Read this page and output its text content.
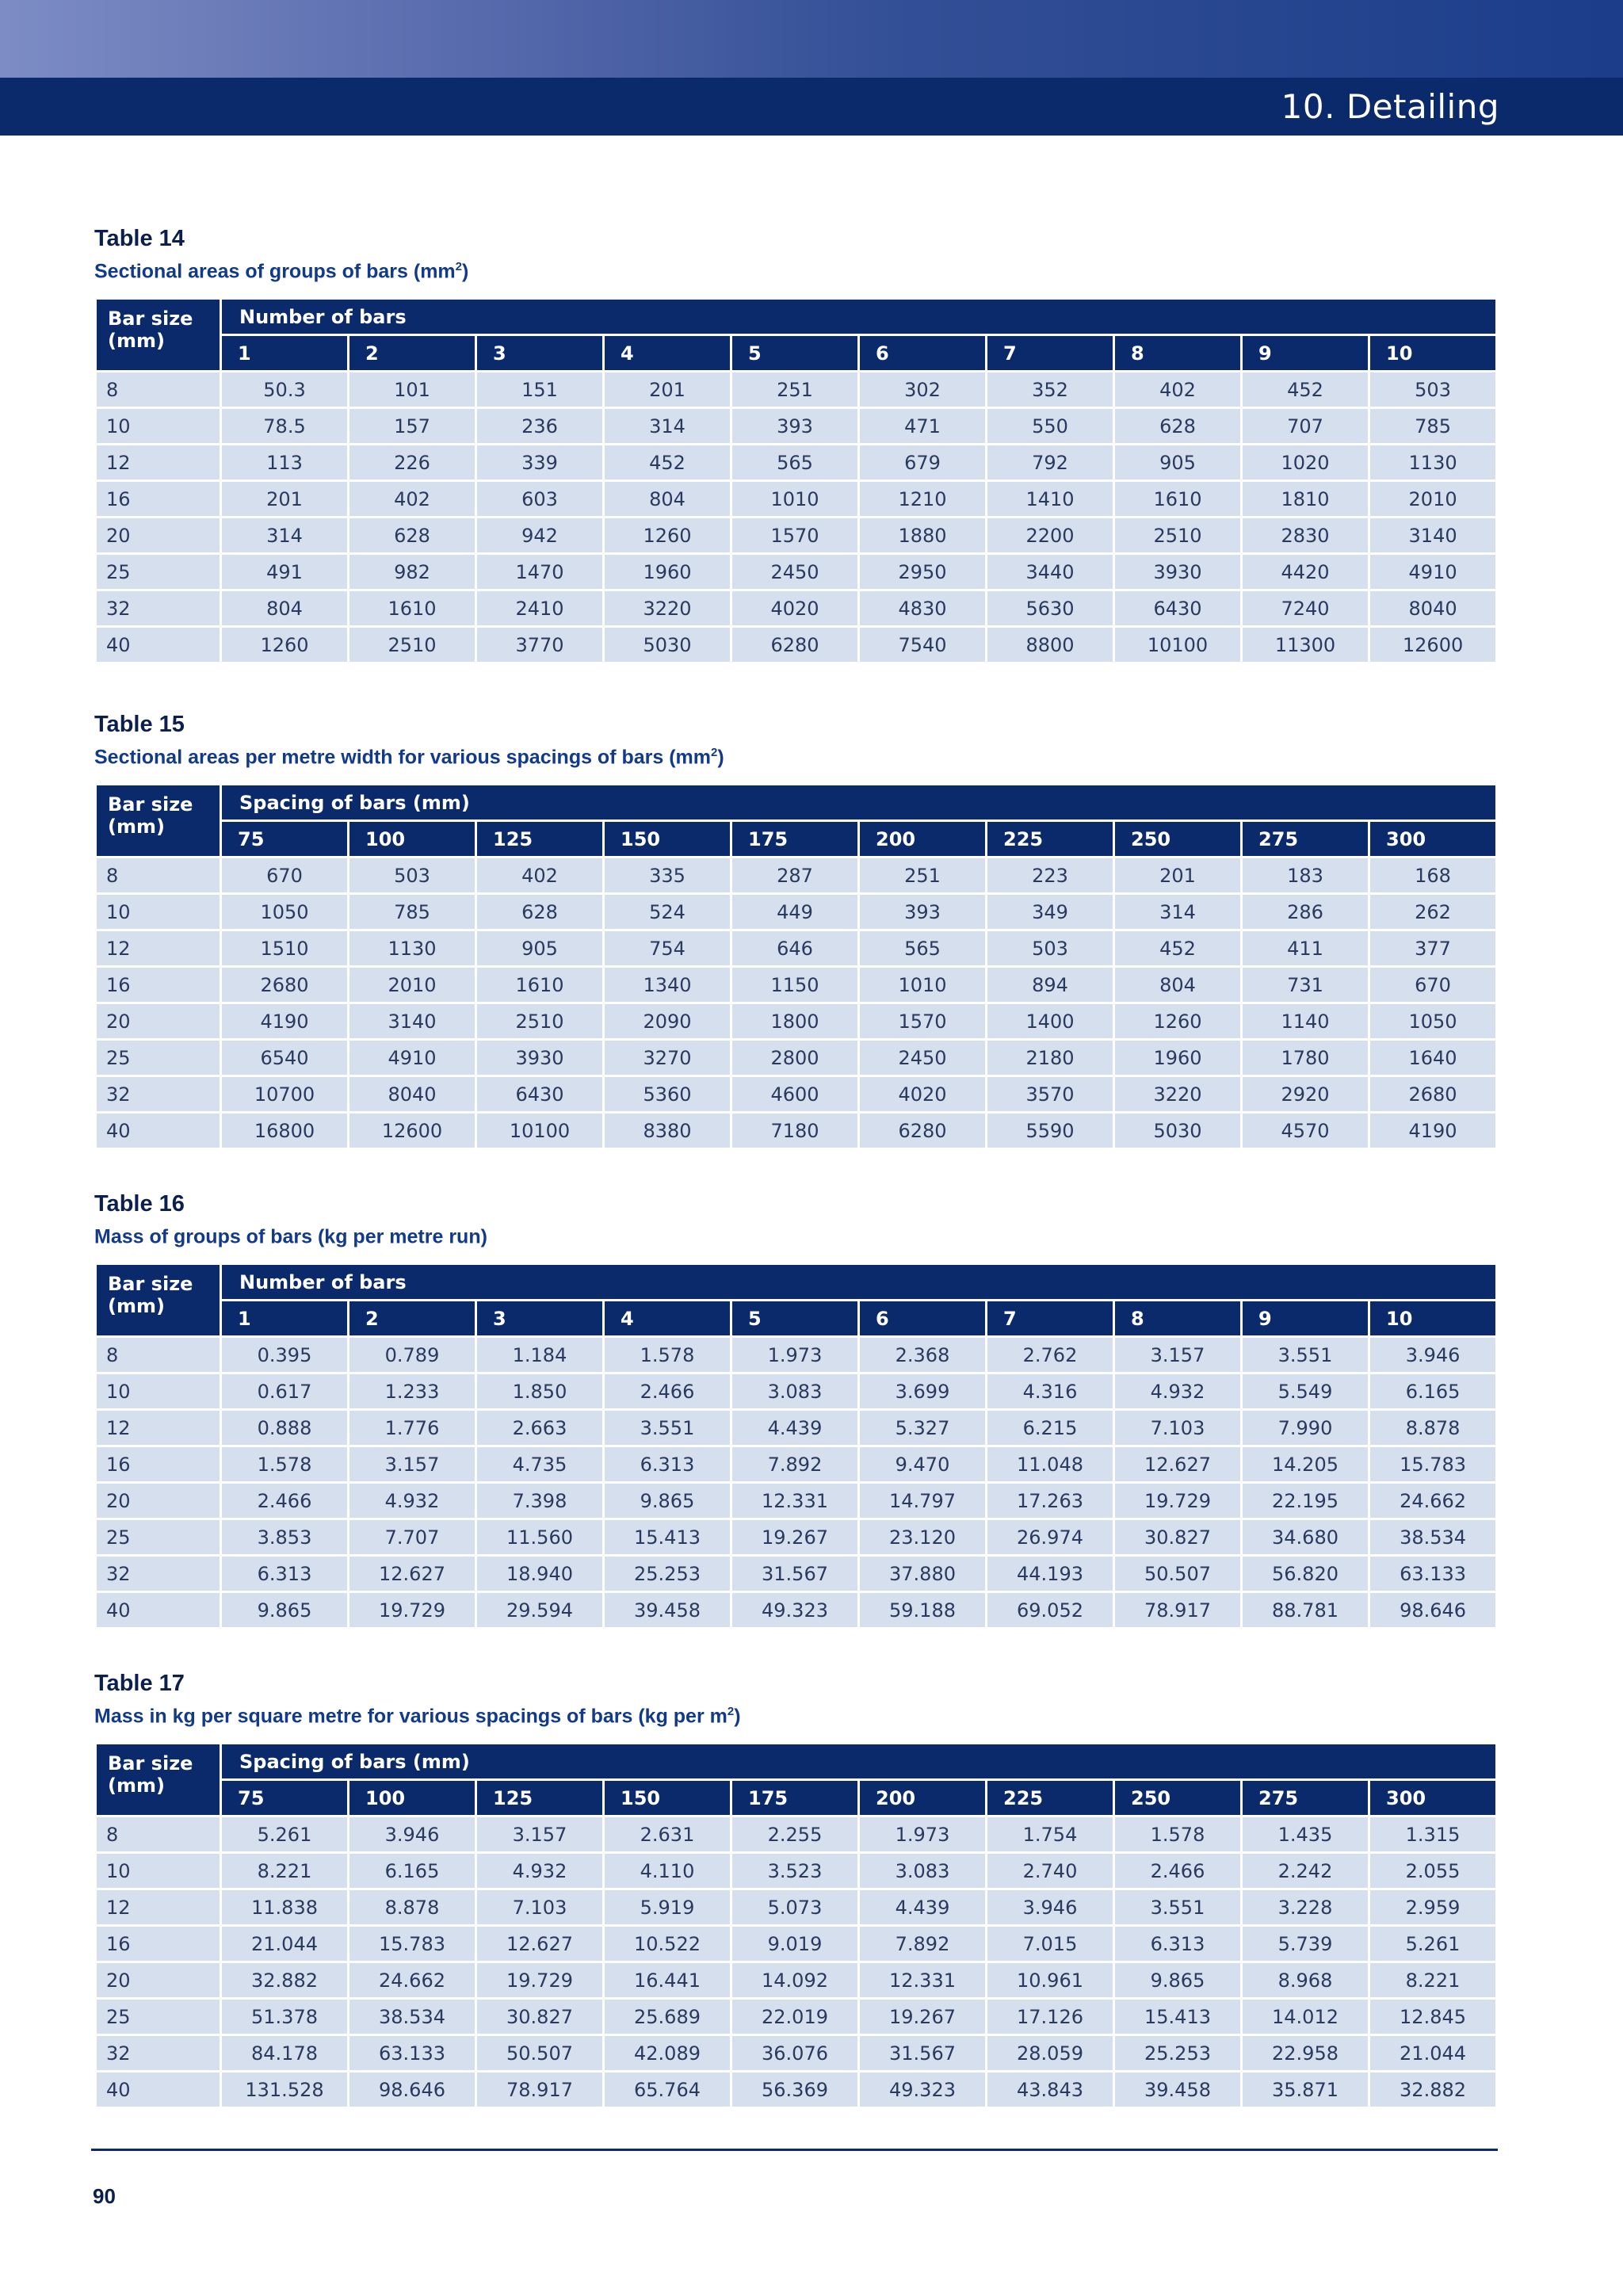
10. Detailing
Table 14
Sectional areas of groups of bars $(mm^2)$
Bar size
(mm)	Number of bars									
	1	2	3	4	5	6	7	8	9	10
8	50.3	101	151	201	251	302	352	402	452	503
10	78.5	157	236	314	393	471	550	628	707	785
12	113	226	339	452	565	679	792	905	1020	1130
16	201	402	603	804	1010	1210	1410	1610	1810	2010
20	314	628	942	1260	1570	1880	2200	2510	2830	3140
25	491	982	1470	1960	2450	2950	3440	3930	4420	4910
32	804	1610	2410	3220	4020	4830	5630	6430	7240	8040
40	1260	2510	3770	5030	6280	7540	8800	10100	11300	12600
Table 15
Sectional areas per metre width for various spacings of bars $(mm^2)$
Bar size
(mm)	Spacing of bars (mm)									
	75	100	125	150	175	200	225	250	275	300
8	670	503	402	335	287	251	223	201	183	168
10	1050	785	628	524	449	393	349	314	286	262
12	1510	1130	905	754	646	565	503	452	411	377
16	2680	2010	1610	1340	1150	1010	894	804	731	670
20	4190	3140	2510	2090	1800	1570	1400	1260	1140	1050
25	6540	4910	3930	3270	2800	2450	2180	1960	1780	1640
32	10700	8040	6430	5360	4600	4020	3570	3220	2920	2680
40	16800	12600	10100	8380	7180	6280	5590	5030	4570	4190
Table 16
Mass of groups of bars (kg per metre run)
Bar size
(mm)	Number of bars									
	1	2	3	4	5	6	7	8	9	10
8	0.395	0.789	1.184	1.578	1.973	2.368	2.762	3.157	3.551	3.946
10	0.617	1.233	1.850	2.466	3.083	3.699	4.316	4.932	5.549	6.165
12	0.888	1.776	2.663	3.551	4.439	5.327	6.215	7.103	7.990	8.878
16	1.578	3.157	4.735	6.313	7.892	9.470	11.048	12.627	14.205	15.783
20	2.466	4.932	7.398	9.865	12.331	14.797	17.263	19.729	22.195	24.662
25	3.853	7.707	11.560	15.413	19.267	23.120	26.974	30.827	34.680	38.534
32	6.313	12.627	18.940	25.253	31.567	37.880	44.193	50.507	56.820	63.133
40	9.865	19.729	29.594	39.458	49.323	59.188	69.052	78.917	88.781	98.646
Table 17
Mass in kg per square metre for various spacings of bars (kg per $m^2$)
Bar size
(mm)	Spacing of bars (mm)									
	75	100	125	150	175	200	225	250	275	300
8	5.261	3.946	3.157	2.631	2.255	1.973	1.754	1.578	1.435	1.315
10	8.221	6.165	4.932	4.110	3.523	3.083	2.740	2.466	2.242	2.055
12	11.838	8.878	7.103	5.919	5.073	4.439	3.946	3.551	3.228	2.959
16	21.044	15.783	12.627	10.522	9.019	7.892	7.015	6.313	5.739	5.261
20	32.882	24.662	19.729	16.441	14.092	12.331	10.961	9.865	8.968	8.221
25	51.378	38.534	30.827	25.689	22.019	19.267	17.126	15.413	14.012	12.845
32	84.178	63.133	50.507	42.089	36.076	31.567	28.059	25.253	22.958	21.044
40	131.528	98.646	78.917	65.764	56.369	49.323	43.843	39.458	35.871	32.882
90
